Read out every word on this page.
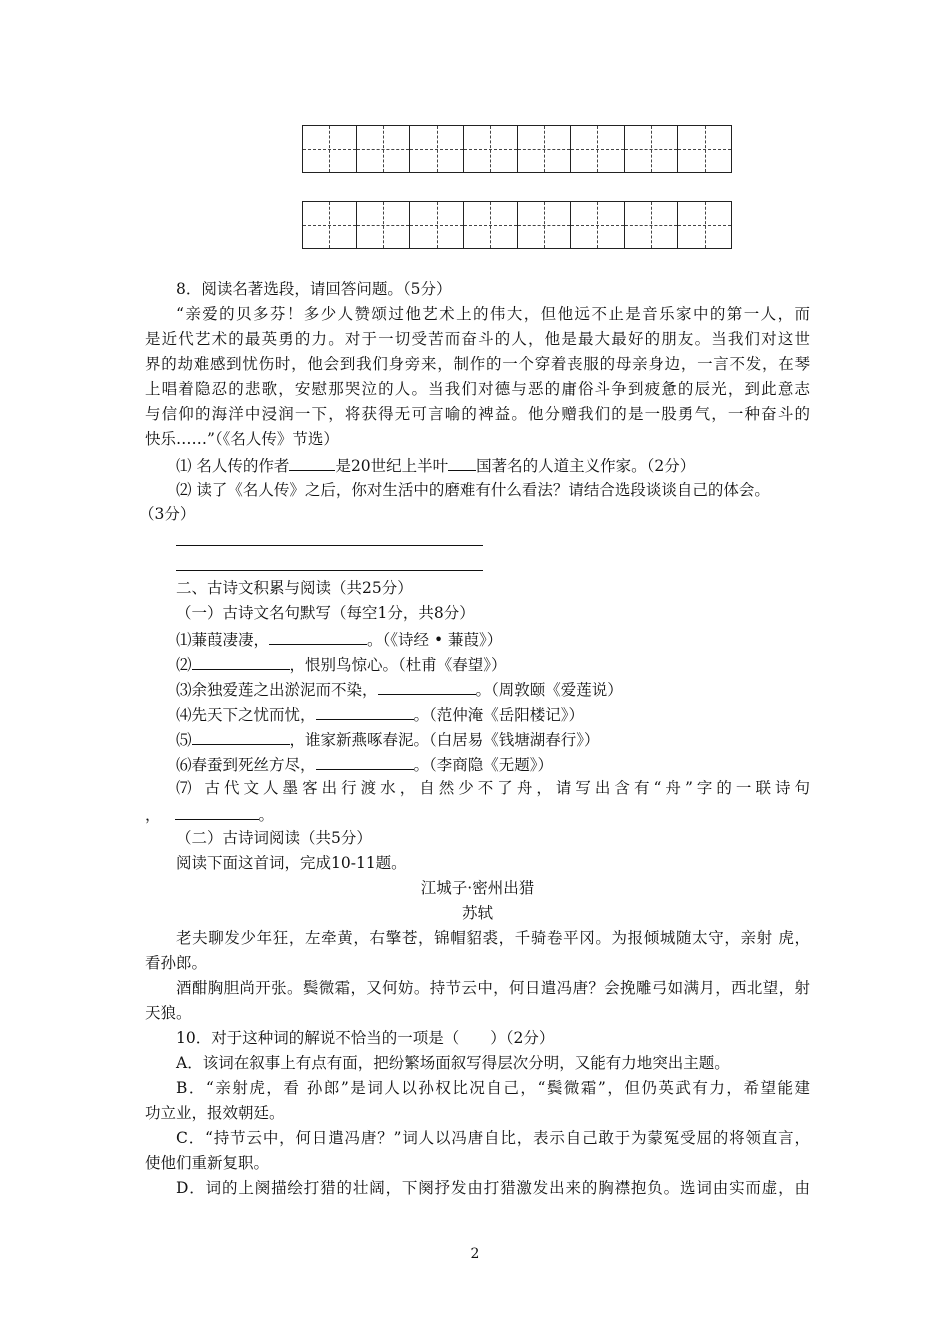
8．阅读名著选段，请回答问题。（5分）
“亲爱的贝多芬！多少人赞颂过他艺术上的伟大，但他远不止是音乐家中的第一人，而
是近代艺术的最英勇的力。对于一切受苦而奋斗的人，他是最大最好的朋友。当我们对这世
界的劫难感到忧伤时，他会到我们身旁来，制作的一个穿着丧服的母亲身边，一言不发，在琴
上唱着隐忍的悲歌，安慰那哭泣的人。当我们对德与恶的庸俗斗争到疲惫的辰光，到此意志
与信仰的海洋中浸润一下，将获得无可言喻的裨益。他分赠我们的是一股勇气，一种奋斗的
快乐……”（《名人传》节选）
⑴ 名人传的作者	是20世纪上半叶 国著名的人道主义作家。（2分）
⑵ 读了《名人传》之后，你对生活中的磨难有什么看法？请结合选段谈谈自己的体会。
（3分）
二、古诗文积累与阅读（共25分）
（一）古诗文名句默写（每空1分，共8分）
⑴蒹葭凄凄，	。（《诗经 • 蒹葭》）
⑵	，恨别鸟惊心。（杜甫《春望》）
⑶余独爱莲之出淤泥而不染，	。（周敦颐《爱莲说）
⑷先天下之忧而忧，	。（范仲淹《岳阳楼记》）
⑸	，谁家新燕啄春泥。（白居易《钱塘湖春行》）
⑹春蚕到死丝方尽，	。（李商隐《无题》）
⑺ 古代文人墨客出行渡水，自然少不了舟，请写出含有“舟”字的一联诗句
，	。
（二）古诗词阅读（共5分）
阅读下面这首词，完成10-11题。
江城子·密州出猎
苏轼
老夫聊发少年狂，左牵黄，右擎苍，锦帽貂裘，千骑卷平冈。为报倾城随太守，亲射 虎，
看孙郎。
酒酣胸胆尚开张。鬓微霜，又何妨。持节云中，何日遣冯唐？会挽雕弓如满月，西北望，射
天狼。
10．对于这种词的解说不恰当的一项是（　　）（2分）
A．该词在叙事上有点有面，把纷繁场面叙写得层次分明，又能有力地突出主题。
B．“亲射虎，看 孙郎”是词人以孙权比况自己，“鬓微霜”，但仍英武有力，希望能建
功立业，报效朝廷。
C．“持节云中，何日遣冯唐？”词人以冯唐自比，表示自己敢于为蒙冤受屈的将领直言，
使他们重新复职。
D．词的上阕描绘打猎的壮阔，下阕抒发由打猎激发出来的胸襟抱负。选词由实而虚，由
2
